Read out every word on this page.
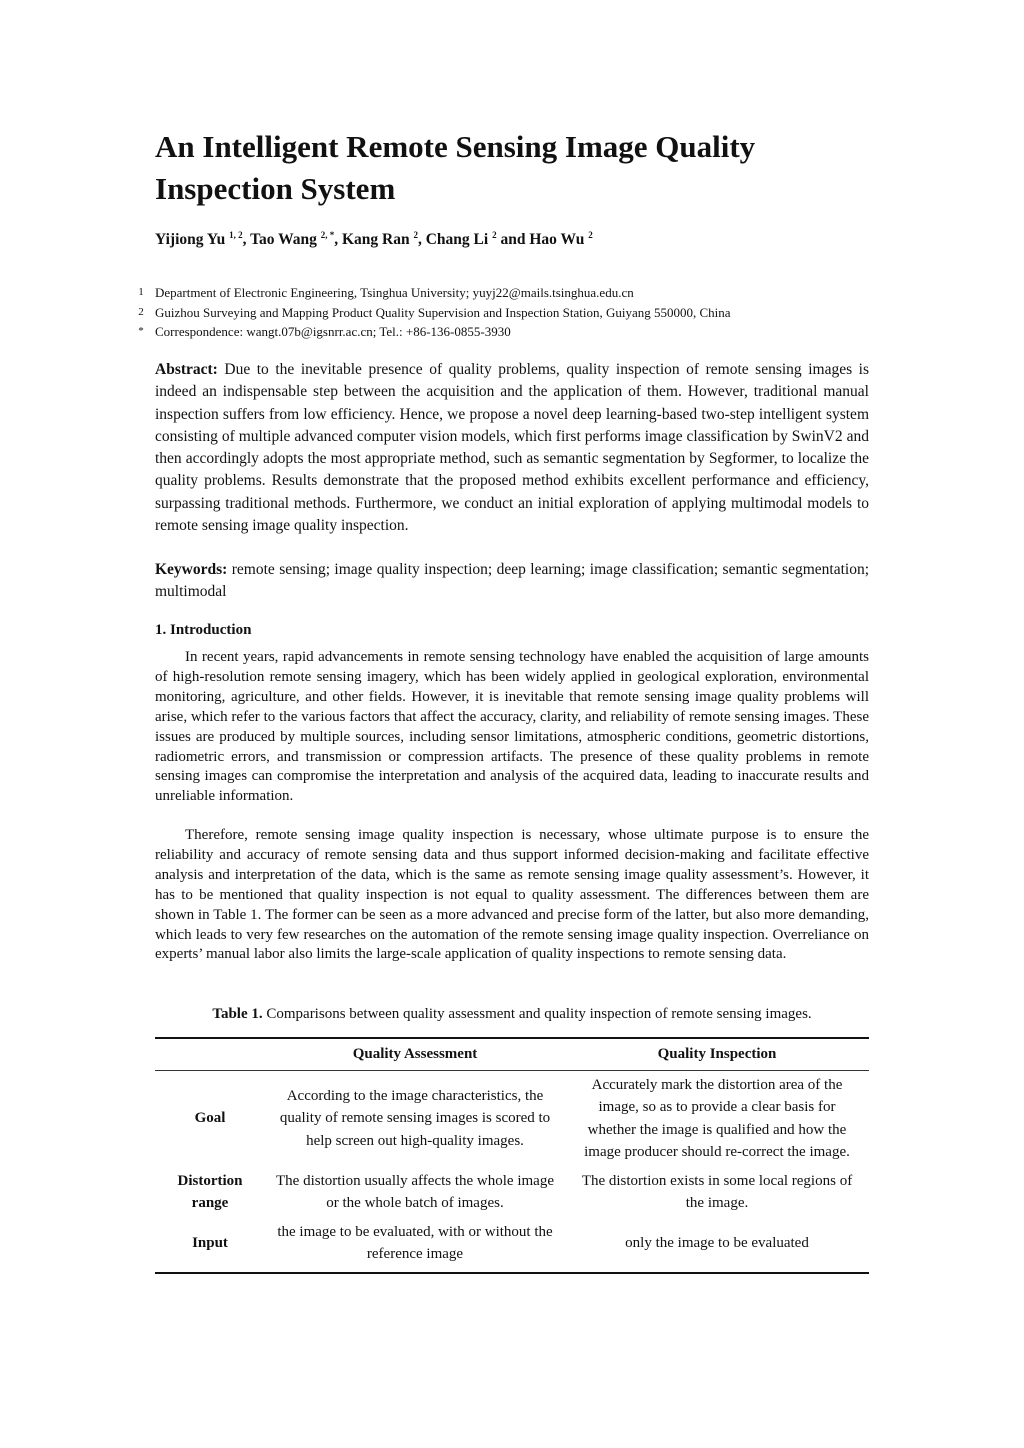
An Intelligent Remote Sensing Image Quality Inspection System
Yijiong Yu $^{1, 2}$, Tao Wang $^{2, *}$, Kang Ran $^2$, Chang Li $^2$ and Hao Wu $^2$
1 Department of Electronic Engineering, Tsinghua University; yuyj22@mails.tsinghua.edu.cn
2 Guizhou Surveying and Mapping Product Quality Supervision and Inspection Station, Guiyang 550000, China
* Correspondence: wangt.07b@igsnrr.ac.cn; Tel.: +86-136-0855-3930

Abstract: Due to the inevitable presence of quality problems, quality inspection of remote sensing images is indeed an indispensable step between the acquisition and the application of them. However, traditional manual inspection suffers from low efficiency. Hence, we propose a novel deep learning-based two-step intelligent system consisting of multiple advanced computer vision models, which first performs image classification by SwinV2 and then accordingly adopts the most appropriate method, such as semantic segmentation by Segformer, to localize the quality problems. Results demonstrate that the proposed method exhibits excellent performance and efficiency, surpassing traditional methods. Furthermore, we conduct an initial exploration of applying multimodal models to remote sensing image quality inspection.

Keywords: remote sensing; image quality inspection; deep learning; image classification; semantic segmentation; multimodal

1. Introduction

In recent years, rapid advancements in remote sensing technology have enabled the acquisition of large amounts of high-resolution remote sensing imagery, which has been widely applied in geological exploration, environmental monitoring, agriculture, and other fields. However, it is inevitable that remote sensing image quality problems will arise, which refer to the various factors that affect the accuracy, clarity, and reliability of remote sensing images. These issues are produced by multiple sources, including sensor limitations, atmospheric conditions, geometric distortions, radiometric errors, and transmission or compression artifacts. The presence of these quality problems in remote sensing images can compromise the interpretation and analysis of the acquired data, leading to inaccurate results and unreliable information.

Therefore, remote sensing image quality inspection is necessary, whose ultimate purpose is to ensure the reliability and accuracy of remote sensing data and thus support informed decision-making and facilitate effective analysis and interpretation of the data, which is the same as remote sensing image quality assessment’s. However, it has to be mentioned that quality inspection is not equal to quality assessment. The differences between them are shown in Table 1. The former can be seen as a more advanced and precise form of the latter, but also more demanding, which leads to very few researches on the automation of the remote sensing image quality inspection. Overreliance on experts’ manual labor also limits the large-scale application of quality inspections to remote sensing data.

Table 1. Comparisons between quality assessment and quality inspection of remote sensing images.

	Quality Assessment	Quality Inspection
Goal	According to the image characteristics, the quality of remote sensing images is scored to help screen out high-quality images.	Accurately mark the distortion area of the image, so as to provide a clear basis for whether the image is qualified and how the image producer should re-correct the image.
Distortion range	The distortion usually affects the whole image or the whole batch of images.	The distortion exists in some local regions of the image.
Input	the image to be evaluated, with or without the reference image	only the image to be evaluated
